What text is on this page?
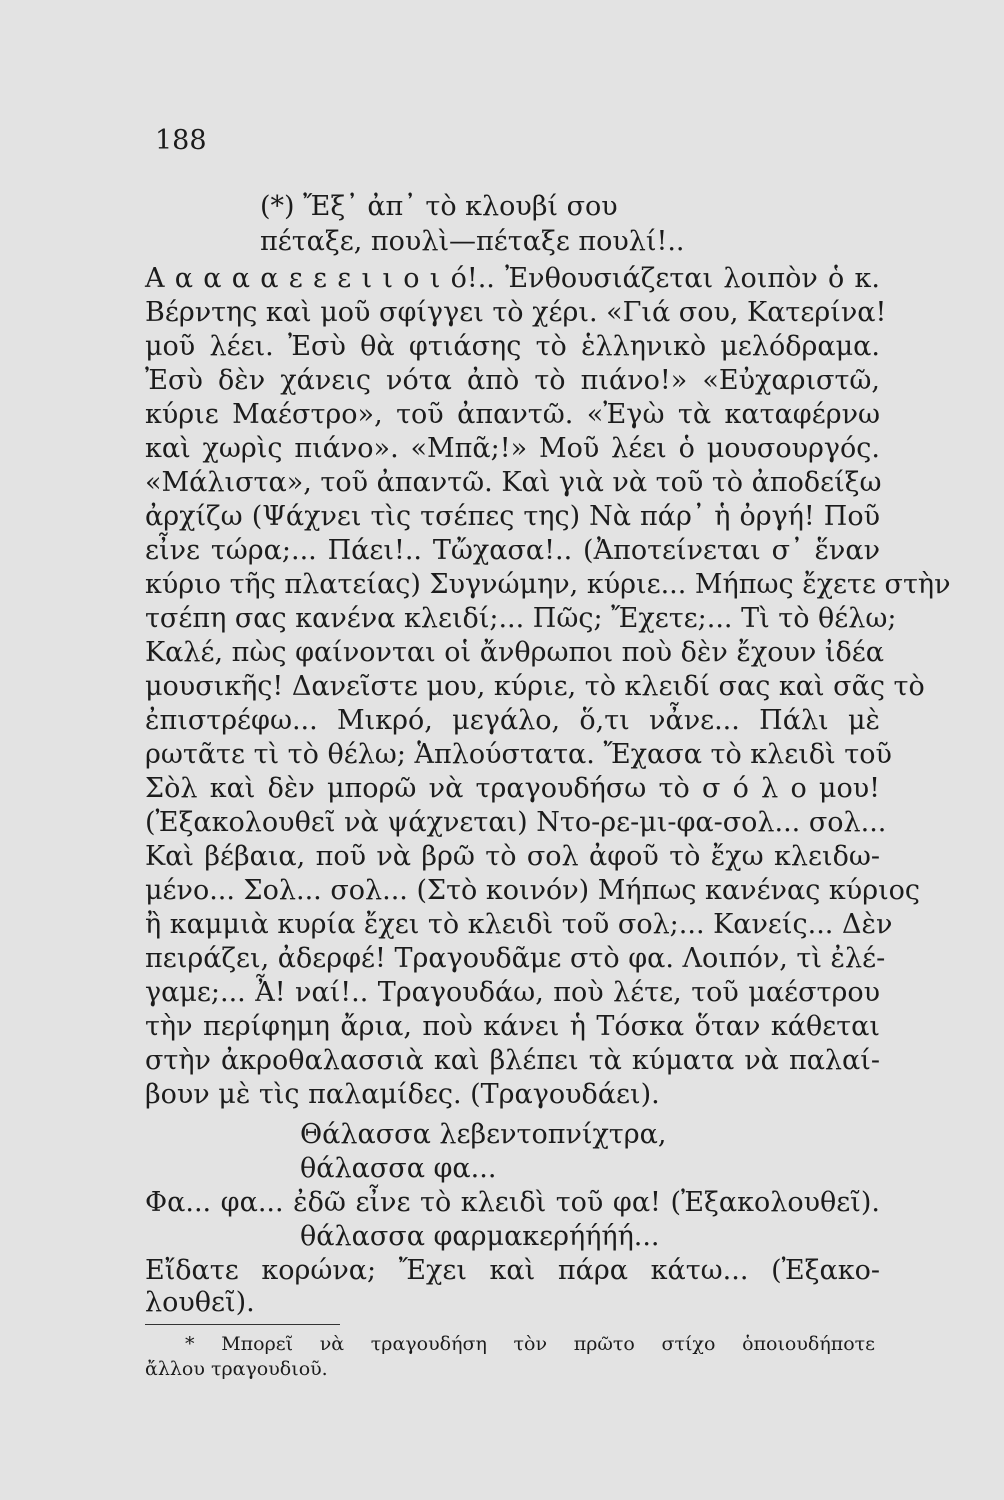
188
(*) Ἔξ᾿ ἀπ᾿ τὸ κλουβί σου
πέταξε, πουλὶ—πέταξε πουλί!..
Α α α α α ε ε ε ι ι ο ι ό!.. Ἐνθουσιάζεται λοιπὸν ὁ κ.
Βέρντης καὶ μοῦ σφίγγει τὸ χέρι. «Γιά σου, Κατερίνα!
μοῦ λέει. Ἐσὺ θὰ φτιάσης τὸ ἑλληνικὸ μελόδραμα.
Ἐσὺ δὲν χάνεις νότα ἀπὸ τὸ πιάνο!» «Εὐχαριστῶ,
κύριε Μαέστρο», τοῦ ἀπαντῶ. «Ἐγὼ τὰ καταφέρνω
καὶ χωρὶς πιάνο». «Μπᾶ;!» Μοῦ λέει ὁ μουσουργός.
«Μάλιστα», τοῦ ἀπαντῶ. Καὶ γιὰ νὰ τοῦ τὸ ἀποδείξω
ἀρχίζω (Ψάχνει τὶς τσέπες της) Νὰ πάρ᾿ ἡ ὀργή! Ποῦ
εἶνε τώρα;... Πάει!.. Τὤχασα!.. (Ἀποτείνεται σ᾿ ἕναν
κύριο τῆς πλατείας) Συγνώμην, κύριε... Μήπως ἔχετε στὴν
τσέπη σας κανένα κλειδί;... Πῶς; Ἔχετε;... Τὶ τὸ θέλω;
Καλέ, πὼς φαίνονται οἱ ἄνθρωποι ποὺ δὲν ἔχουν ἰδέα
μουσικῆς! Δανεῖστε μου, κύριε, τὸ κλειδί σας καὶ σᾶς τὸ
ἐπιστρέφω... Μικρό, μεγάλο, ὅ,τι νἆνε... Πάλι μὲ
ρωτᾶτε τὶ τὸ θέλω; Ἁπλούστατα. Ἔχασα τὸ κλειδὶ τοῦ
Σὸλ καὶ δὲν μπορῶ νὰ τραγουδήσω τὸ σ ό λ ο μου!
(Ἐξακολουθεῖ νὰ ψάχνεται) Ντο-ρε-μι-φα-σολ... σολ...
Καὶ βέβαια, ποῦ νὰ βρῶ τὸ σολ ἀφοῦ τὸ ἔχω κλειδω-
μένο... Σολ... σολ... (Στὸ κοινόν) Μήπως κανένας κύριος
ἢ καμμιὰ κυρία ἔχει τὸ κλειδὶ τοῦ σολ;... Κανείς... Δὲν
πειράζει, ἀδερφέ! Τραγουδᾶμε στὸ φα. Λοιπόν, τὶ ἐλέ-
γαμε;... Ἆ! ναί!.. Τραγουδάω, ποὺ λέτε, τοῦ μαέστρου
τὴν περίφημη ἄρια, ποὺ κάνει ἡ Τόσκα ὅταν κάθεται
στὴν ἀκροθαλασσιὰ καὶ βλέπει τὰ κύματα νὰ παλαί-
βουν μὲ τὶς παλαμίδες. (Τραγουδάει).
Θάλασσα λεβεντοπνίχτρα,
θάλασσα φα...
Φα... φα... ἐδῶ εἶνε τὸ κλειδὶ τοῦ φα! (Ἐξακολουθεῖ).
θάλασσα φαρμακερήήήή...
Εἴδατε κορώνα; Ἔχει καὶ πάρα κάτω... (Ἐξακο-
λουθεῖ).
* Μπορεῖ νὰ τραγουδήση τὸν πρῶτο στίχο ὁποιουδήποτε
ἄλλου τραγουδιοῦ.
